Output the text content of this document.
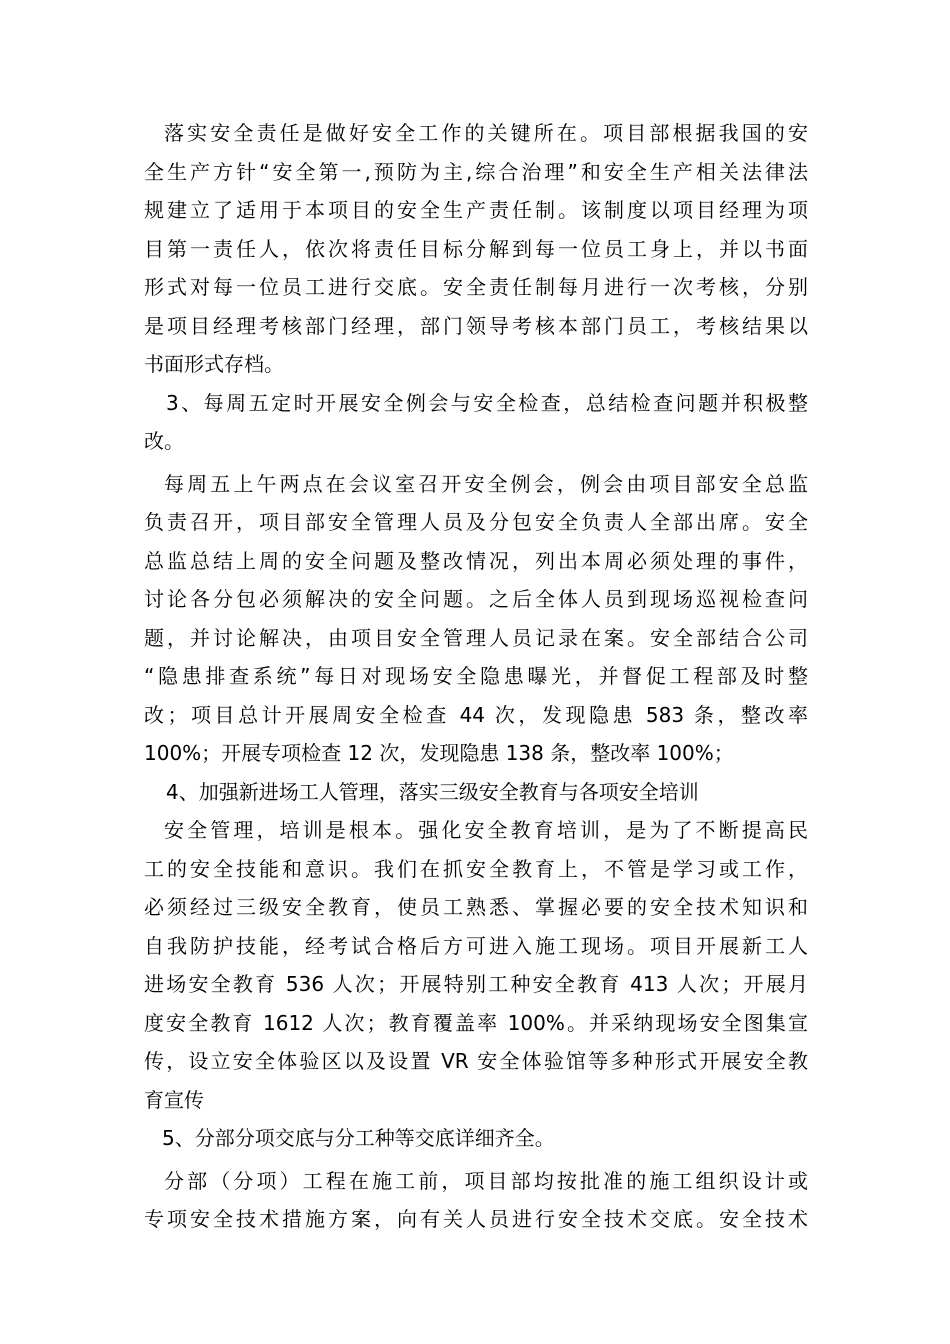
落实安全责任是做好安全工作的关键所在。项目部根据我国的安
全生产方针“安全第一,预防为主,综合治理”和安全生产相关法律法
规建立了适用于本项目的安全生产责任制。该制度以项目经理为项
目第一责任人，依次将责任目标分解到每一位员工身上，并以书面
形式对每一位员工进行交底。安全责任制每月进行一次考核，分别
是项目经理考核部门经理，部门领导考核本部门员工，考核结果以
书面形式存档。
3、每周五定时开展安全例会与安全检查，总结检查问题并积极整
改。
每周五上午两点在会议室召开安全例会，例会由项目部安全总监
负责召开，项目部安全管理人员及分包安全负责人全部出席。安全
总监总结上周的安全问题及整改情况，列出本周必须处理的事件，
讨论各分包必须解决的安全问题。之后全体人员到现场巡视检查问
题，并讨论解决，由项目安全管理人员记录在案。安全部结合公司
“隐患排查系统”每日对现场安全隐患曝光，并督促工程部及时整
改；项目总计开展周安全检查 44 次，发现隐患 583 条，整改率
100%；开展专项检查 12 次，发现隐患 138 条，整改率 100%；
4、加强新进场工人管理，落实三级安全教育与各项安全培训
安全管理，培训是根本。强化安全教育培训，是为了不断提高民
工的安全技能和意识。我们在抓安全教育上，不管是学习或工作，
必须经过三级安全教育，使员工熟悉、掌握必要的安全技术知识和
自我防护技能，经考试合格后方可进入施工现场。项目开展新工人
进场安全教育 536 人次；开展特别工种安全教育 413 人次；开展月
度安全教育 1612 人次；教育覆盖率 100%。并采纳现场安全图集宣
传，设立安全体验区以及设置 VR 安全体验馆等多种形式开展安全教
育宣传
5、分部分项交底与分工种等交底详细齐全。
分部（分项）工程在施工前，项目部均按批准的施工组织设计或
专项安全技术措施方案，向有关人员进行安全技术交底。安全技术
